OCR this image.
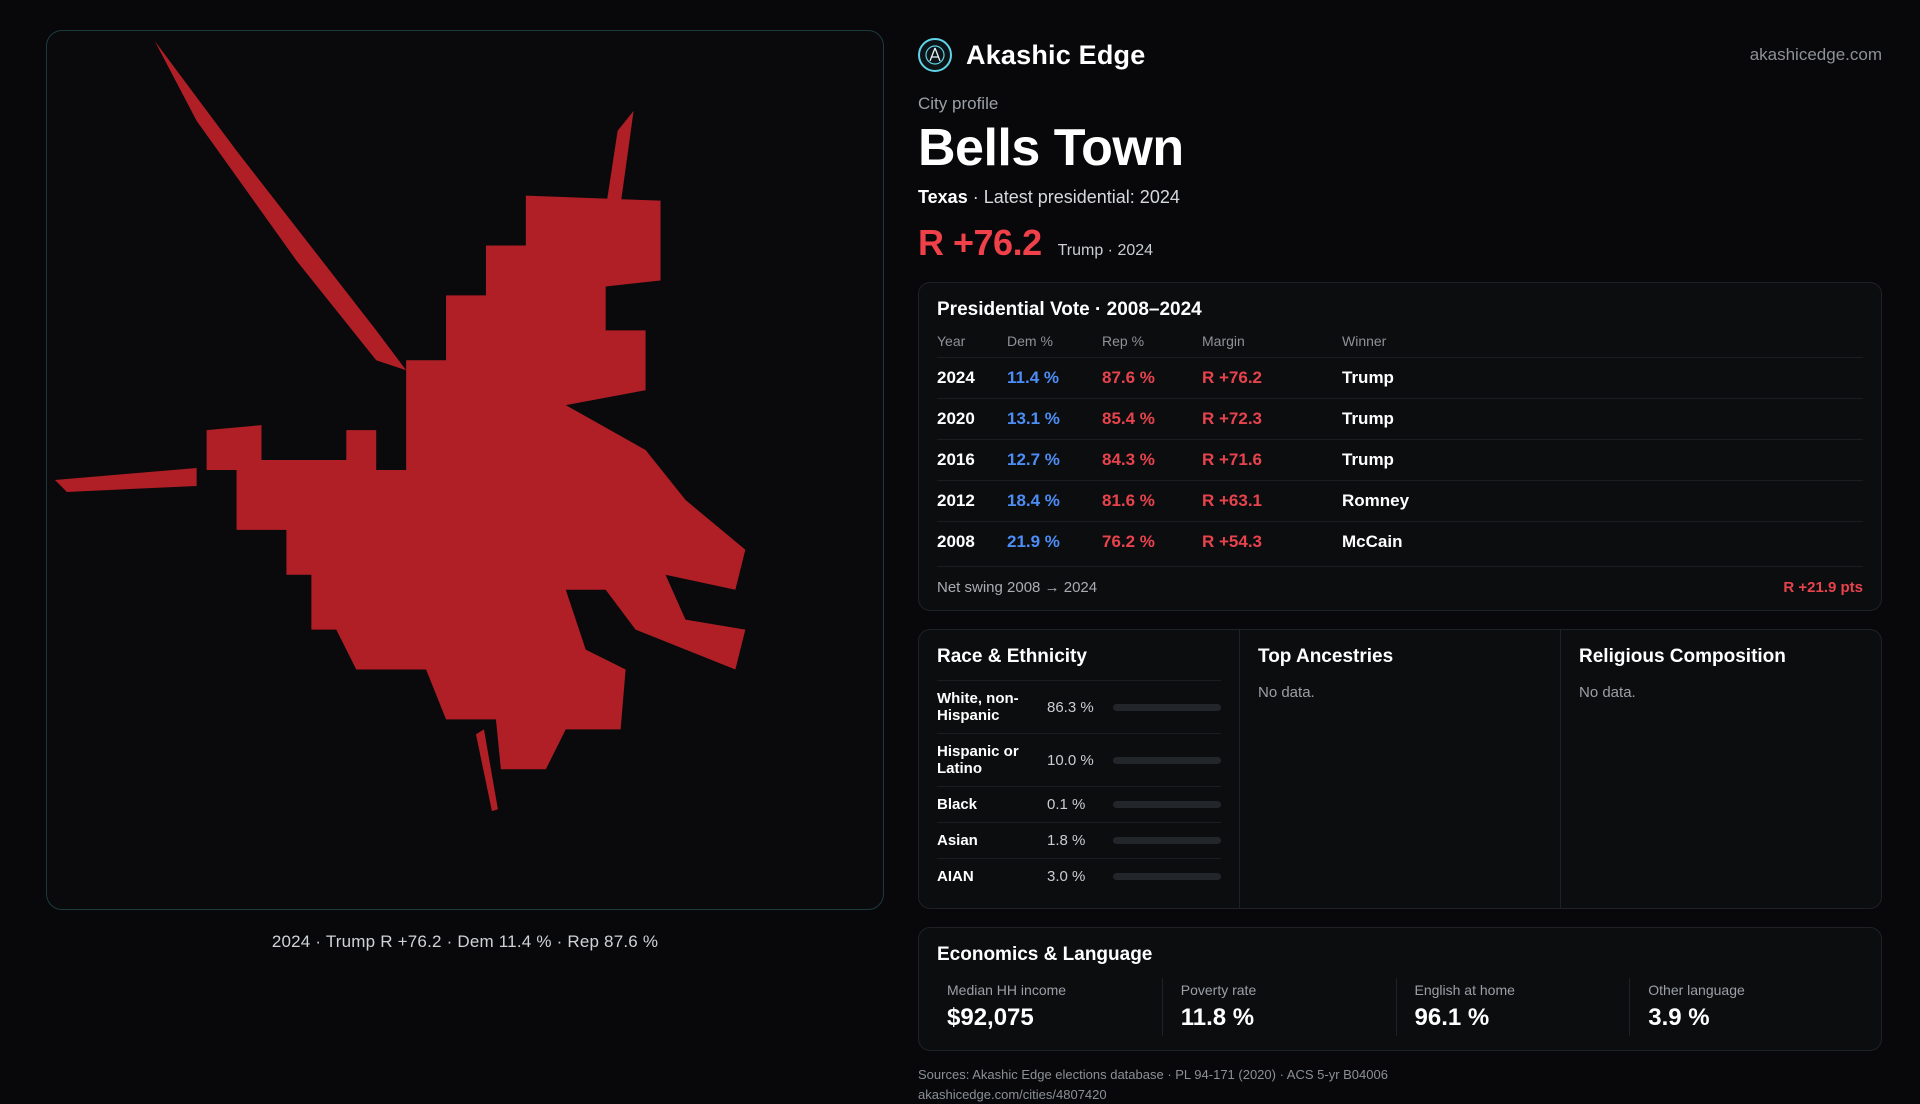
2024 · Trump R +76.2 · Dem 11.4 % · Rep 87.6 %
Akashic Edge	akashicedge.com
City profile
Bells Town
Texas · Latest presidential: 2024
R +76.2 Trump · 2024
Presidential Vote · 2008–2024
Year	Dem %	Rep %	Margin	Winner
2024	11.4 %	87.6 %	R +76.2	Trump
2020	13.1 %	85.4 %	R +72.3	Trump
2016	12.7 %	84.3 %	R +71.6	Trump
2012	18.4 %	81.6 %	R +63.1	Romney
2008	21.9 %	76.2 %	R +54.3	McCain
Net swing 2008 → 2024	R +21.9 pts
Race & Ethnicity
White, non-Hispanic	86.3 %
Hispanic or Latino	10.0 %
Black	0.1 %
Asian	1.8 %
AIAN	3.0 %
Top Ancestries
No data.
Religious Composition
No data.
Economics & Language
Median HH income
$92,075
Poverty rate
11.8 %
English at home
96.1 %
Other language
3.9 %
Sources: Akashic Edge elections database · PL 94-171 (2020) · ACS 5-yr B04006
akashicedge.com/cities/4807420
